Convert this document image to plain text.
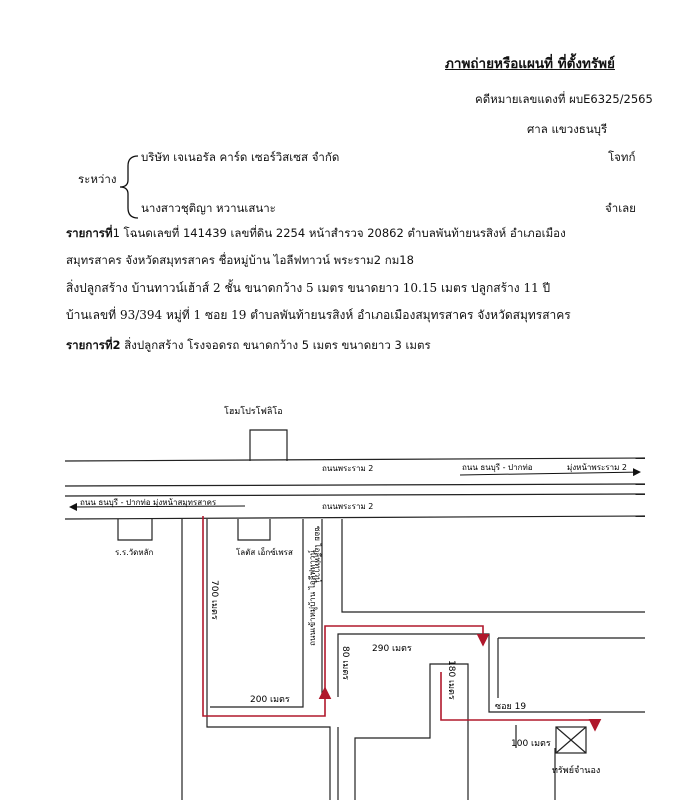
ภาพถ่ายหรือแผนที่ ที่ตั้งทรัพย์
คดีหมายเลขแดงที่ ผบE6325/2565
ศาล แขวงธนบุรี
ระหว่าง
บริษัท เจเนอรัล คาร์ด เซอร์วิสเซส จำกัด	โจทก์
นางสาวชุติญา หวานเสนาะ	จำเลย
รายการที่1 โฉนดเลขที่ 141439 เลขที่ดิน 2254 หน้าสำรวจ 20862 ตำบลพันท้ายนรสิงห์ อำเภอเมือง
สมุทรสาคร จังหวัดสมุทรสาคร ชื่อหมู่บ้าน ไอลีฟทาวน์ พระราม2 กม18
สิ่งปลูกสร้าง บ้านทาวน์เฮ้าส์ 2 ชั้น ขนาดกว้าง 5 เมตร ขนาดยาว 10.15 เมตร ปลูกสร้าง 11 ปี
บ้านเลขที่ 93/394 หมู่ที่ 1 ซอย 19 ตำบลพันท้ายนรสิงห์ อำเภอเมืองสมุทรสาคร จังหวัดสมุทรสาคร
รายการที่2 สิ่งปลูกสร้าง โรงจอดรถ ขนาดกว้าง 5 เมตร ขนาดยาว 3 เมตร
โฮมโปรโฟลิโอ
ถนนพระราม 2	ถนน ธนบุรี - ปากท่อ	มุ่งหน้าพระราม 2
ถนน ธนบุรี - ปากท่อ มุ่งหน้าสมุทรสาคร	ถนนพระราม 2
ร.ร.วัดหลัก	โลตัส เอ็กซ์เพรส	ซอย ไอลีฟทาวน์
ถนนเข้าหมู่บ้าน ไอลีฟทาวน์
700 เมตร
200 เมตร
80 เมตร 290 เมตร
180 เมตร
100 เมตร
ซอย 19
ทรัพย์จำนอง
